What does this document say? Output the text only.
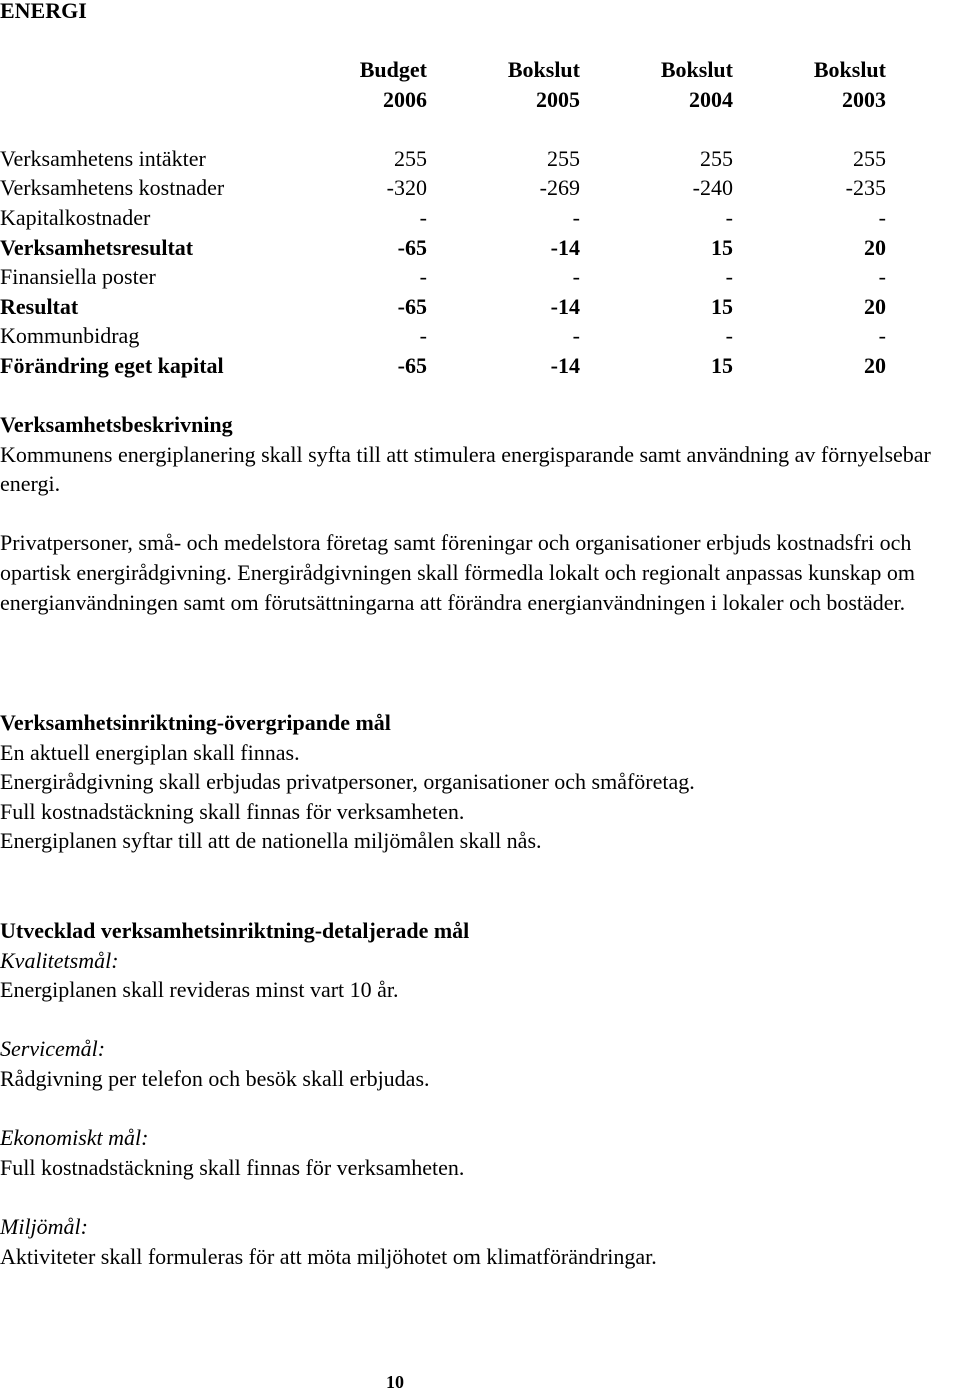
ENERGI
	Budget	Bokslut	Bokslut	Bokslut
	2006	2005	2004	2003

Verksamhetens intäkter	255	255	255	255
Verksamhetens kostnader	-320	-269	-240	-235
Kapitalkostnader	-	-	-	-
Verksamhetsresultat	-65	-14	15	20
Finansiella poster	-	-	-	-
Resultat	-65	-14	15	20
Kommunbidrag	-	-	-	-
Förändring eget kapital	-65	-14	15	20

Verksamhetsbeskrivning

Kommunens energiplanering skall syfta till att stimulera energisparande samt användning av förnyelsebar energi.

Privatpersoner, små- och medelstora företag samt föreningar och organisationer erbjuds kostnadsfri och opartisk energirådgivning. Energirådgivningen skall förmedla lokalt och regionalt anpassas kunskap om energianvändningen samt om förutsättningarna att förändra energianvändningen i lokaler och bostäder.

Verksamhetsinriktning-övergripande mål

En aktuell energiplan skall finnas.

Energirådgivning skall erbjudas privatpersoner, organisationer och småföretag.

Full kostnadstäckning skall finnas för verksamheten.

Energiplanen syftar till att de nationella miljömålen skall nås.

Utvecklad verksamhetsinriktning-detaljerade mål

Kvalitetsmål:

Energiplanen skall revideras minst vart 10 år.

Servicemål:

Rådgivning per telefon och besök skall erbjudas.

Ekonomiskt mål:

Full kostnadstäckning skall finnas för verksamheten.

Miljömål:

Aktiviteter skall formuleras för att möta miljöhotet om klimatförändringar.

10
